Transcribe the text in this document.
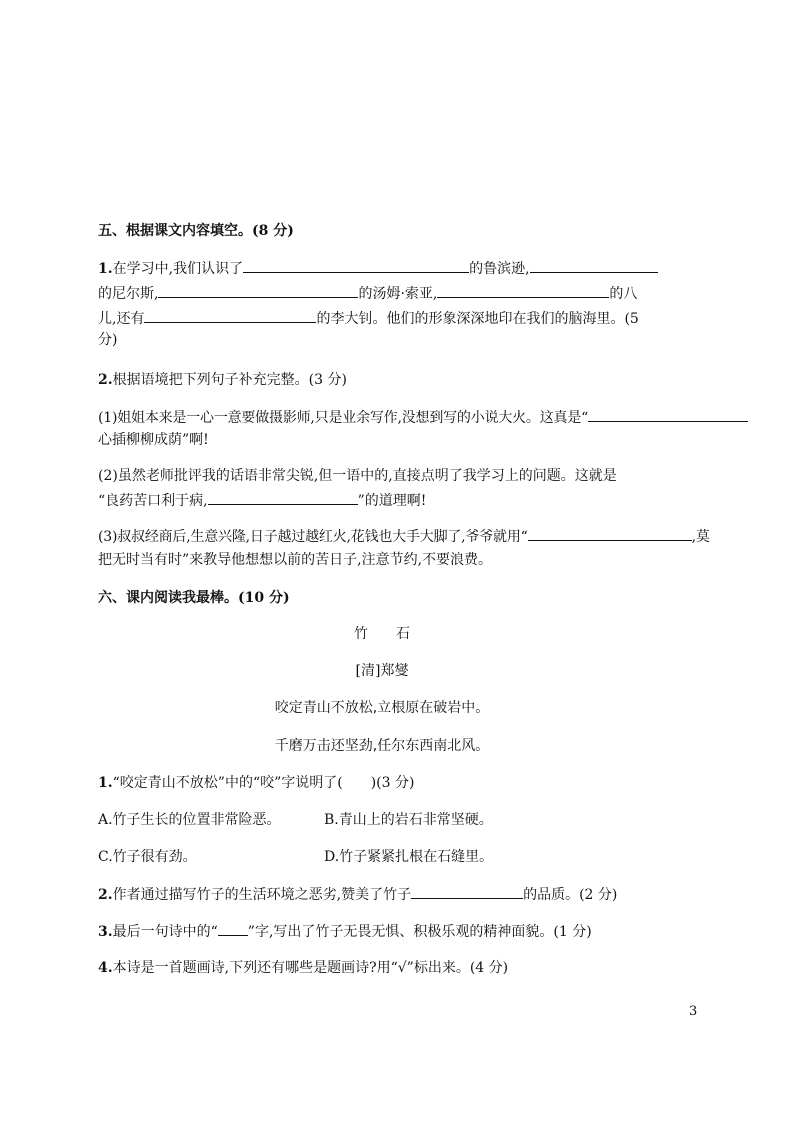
五、根据课文内容填空。(8 分)
1.在学习中,我们认识了	的鲁滨逊,
的尼尔斯,	的汤姆·索亚,	的八
儿,还有	的李大钊。他们的形象深深地印在我们的脑海里。(5
分)
2.根据语境把下列句子补充完整。(3 分)
(1)姐姐本来是一心一意要做摄影师,只是业余写作,没想到写的小说大火。这真是“
心插柳柳成荫”啊!
(2)虽然老师批评我的话语非常尖锐,但一语中的,直接点明了我学习上的问题。这就是
“良药苦口利于病,	”的道理啊!
(3)叔叔经商后,生意兴隆,日子越过越红火,花钱也大手大脚了,爷爷就用“	,莫
把无时当有时”来教导他想想以前的苦日子,注意节约,不要浪费。
六、课内阅读我最棒。(10 分)
竹　　石
[清]郑燮
咬定青山不放松,立根原在破岩中。
千磨万击还坚劲,任尔东西南北风。
1.“咬定青山不放松”中的“咬”字说明了(　　)(3 分)
A.竹子生长的位置非常险恶。	B.青山上的岩石非常坚硬。
C.竹子很有劲。	D.竹子紧紧扎根在石缝里。
2.作者通过描写竹子的生活环境之恶劣,赞美了竹子	的品质。(2 分)
3.最后一句诗中的“ ”字,写出了竹子无畏无惧、积极乐观的精神面貌。(1 分)
4.本诗是一首题画诗,下列还有哪些是题画诗?用“√”标出来。(4 分)
3
